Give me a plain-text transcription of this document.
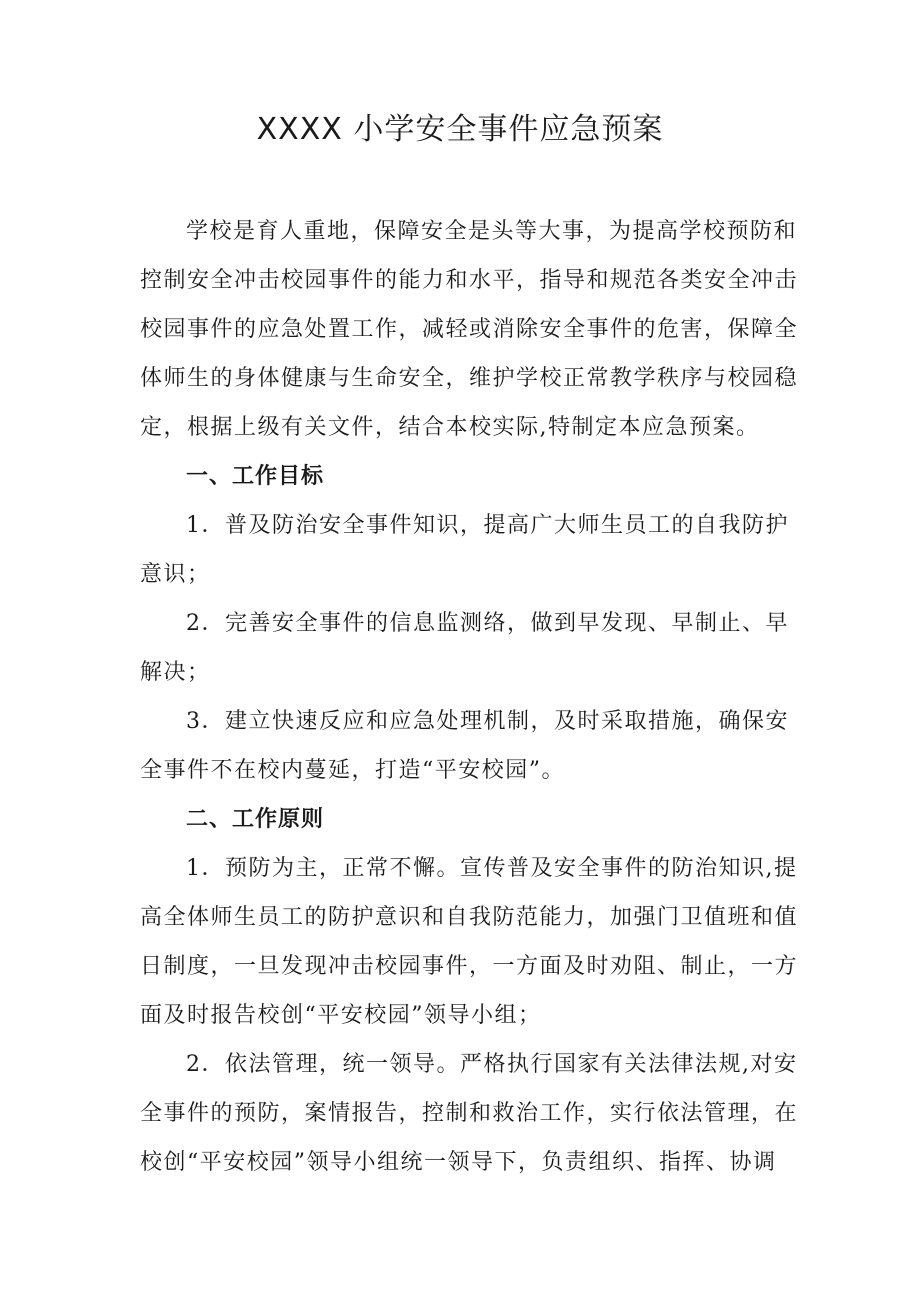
XXXX 小学安全事件应急预案
学校是育人重地，保障安全是头等大事，为提高学校预防和
控制安全冲击校园事件的能力和水平，指导和规范各类安全冲击
校园事件的应急处置工作，减轻或消除安全事件的危害，保障全
体师生的身体健康与生命安全，维护学校正常教学秩序与校园稳
定，根据上级有关文件，结合本校实际,特制定本应急预案。
一、工作目标
1．普及防治安全事件知识，提高广大师生员工的自我防护
意识；
2．完善安全事件的信息监测络，做到早发现、早制止、早
解决；
3．建立快速反应和应急处理机制，及时采取措施，确保安
全事件不在校内蔓延，打造“平安校园”。
二、工作原则
1．预防为主，正常不懈。宣传普及安全事件的防治知识,提
高全体师生员工的防护意识和自我防范能力，加强门卫值班和值
日制度，一旦发现冲击校园事件，一方面及时劝阻、制止，一方
面及时报告校创“平安校园”领导小组；
2．依法管理，统一领导。严格执行国家有关法律法规,对安
全事件的预防，案情报告，控制和救治工作，实行依法管理，在
校创“平安校园”领导小组统一领导下，负责组织、指挥、协调
